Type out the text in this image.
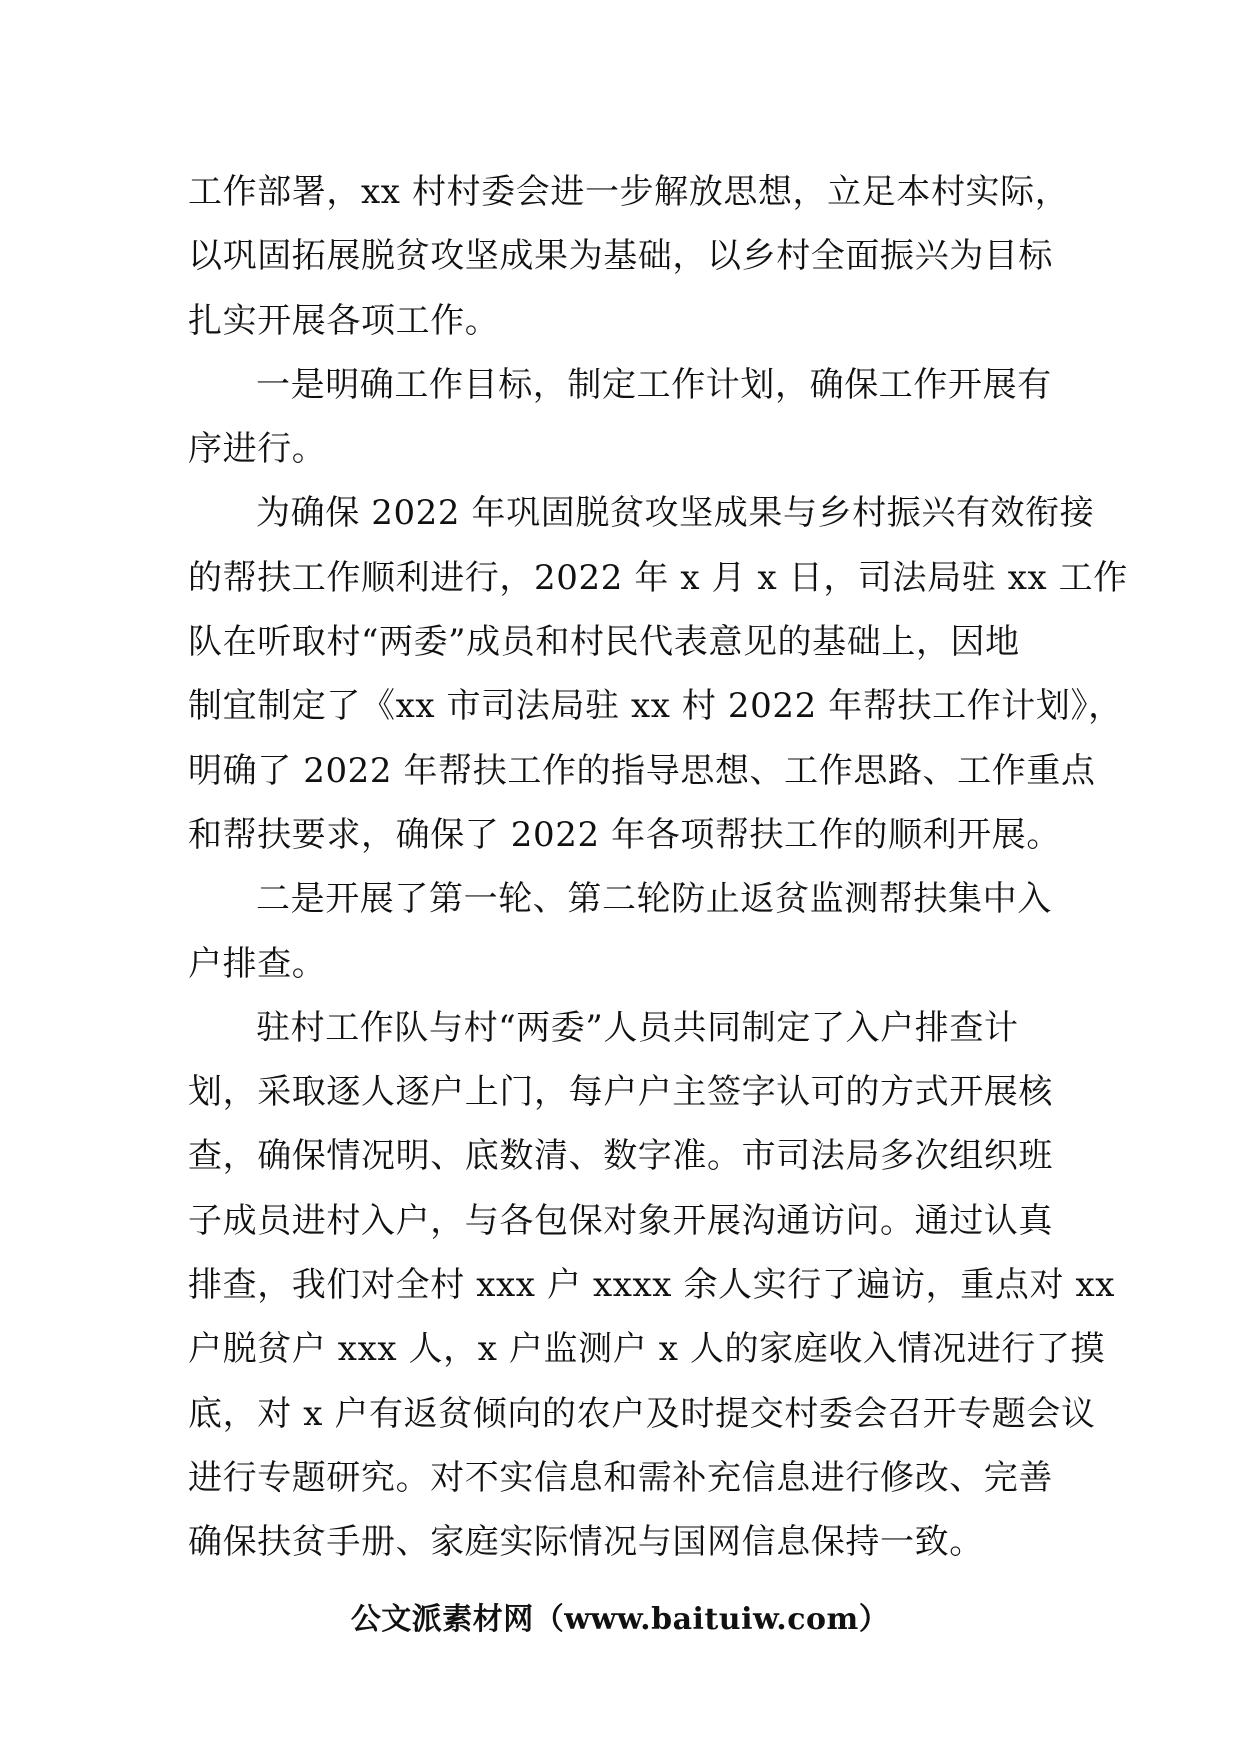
工作部署，xx 村村委会进一步解放思想，立足本村实际，
以巩固拓展脱贫攻坚成果为基础，以乡村全面振兴为目标
扎实开展各项工作。

一是明确工作目标，制定工作计划，确保工作开展有
序进行。

为确保 2022 年巩固脱贫攻坚成果与乡村振兴有效衔接
的帮扶工作顺利进行，2022 年 x 月 x 日，司法局驻 xx 工作
队在听取村“两委”成员和村民代表意见的基础上，因地
制宜制定了《xx 市司法局驻 xx 村 2022 年帮扶工作计划》，
明确了 2022 年帮扶工作的指导思想、工作思路、工作重点
和帮扶要求，确保了 2022 年各项帮扶工作的顺利开展。

二是开展了第一轮、第二轮防止返贫监测帮扶集中入
户排查。

驻村工作队与村“两委”人员共同制定了入户排查计
划，采取逐人逐户上门，每户户主签字认可的方式开展核
查，确保情况明、底数清、数字准。市司法局多次组织班
子成员进村入户，与各包保对象开展沟通访问。通过认真
排查，我们对全村 xxx 户 xxxx 余人实行了遍访，重点对 xx
户脱贫户 xxx 人，x 户监测户 x 人的家庭收入情况进行了摸
底，对 x 户有返贫倾向的农户及时提交村委会召开专题会议
进行专题研究。对不实信息和需补充信息进行修改、完善
确保扶贫手册、家庭实际情况与国网信息保持一致。

公文派素材网（www.baituiw.com）
